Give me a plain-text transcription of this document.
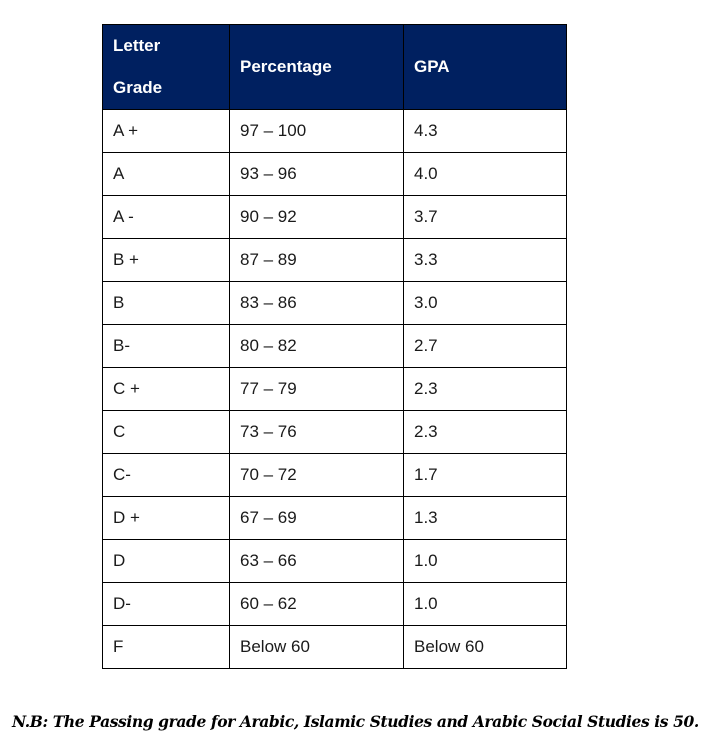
Letter
Grade	Percentage	GPA
A +	97 – 100	4.3
A	93 – 96	4.0
A -	90 – 92	3.7
B +	87 – 89	3.3
B	83 – 86	3.0
B-	80 – 82	2.7
C +	77 – 79	2.3
C	73 – 76	2.3
C-	70 – 72	1.7
D +	67 – 69	1.3
D	63 – 66	1.0
D-	60 – 62	1.0
F	Below 60	Below 60
N.B: The Passing grade for Arabic, Islamic Studies and Arabic Social Studies is 50.
